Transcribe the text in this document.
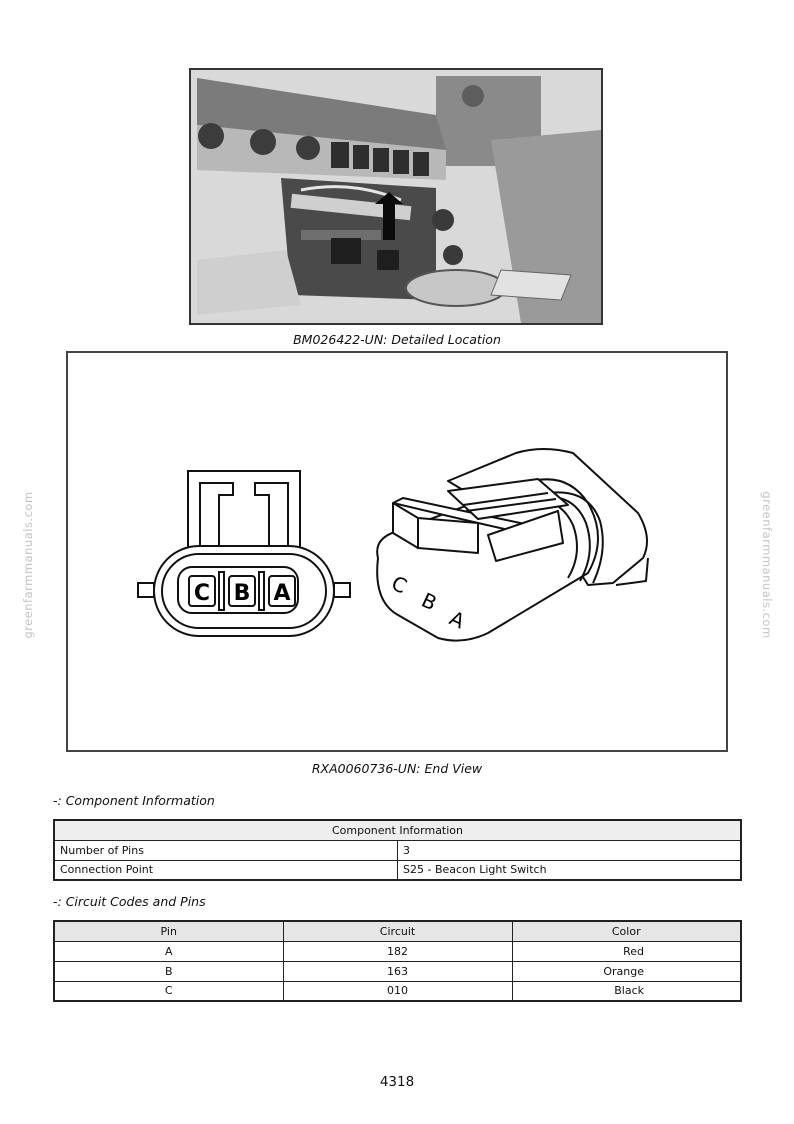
BM026422-UN: Detailed Location
C B A	C
B
A
RXA0060736-UN: End View
-: Component Information
Component Information	
Number of Pins	3
Connection Point	S25 - Beacon Light Switch
-: Circuit Codes and Pins
Pin	Circuit	Color
A	182	Red
B	163	Orange
C	010	Black
greenfarmmanuals.com	greenfarmmanuals.com
4318
